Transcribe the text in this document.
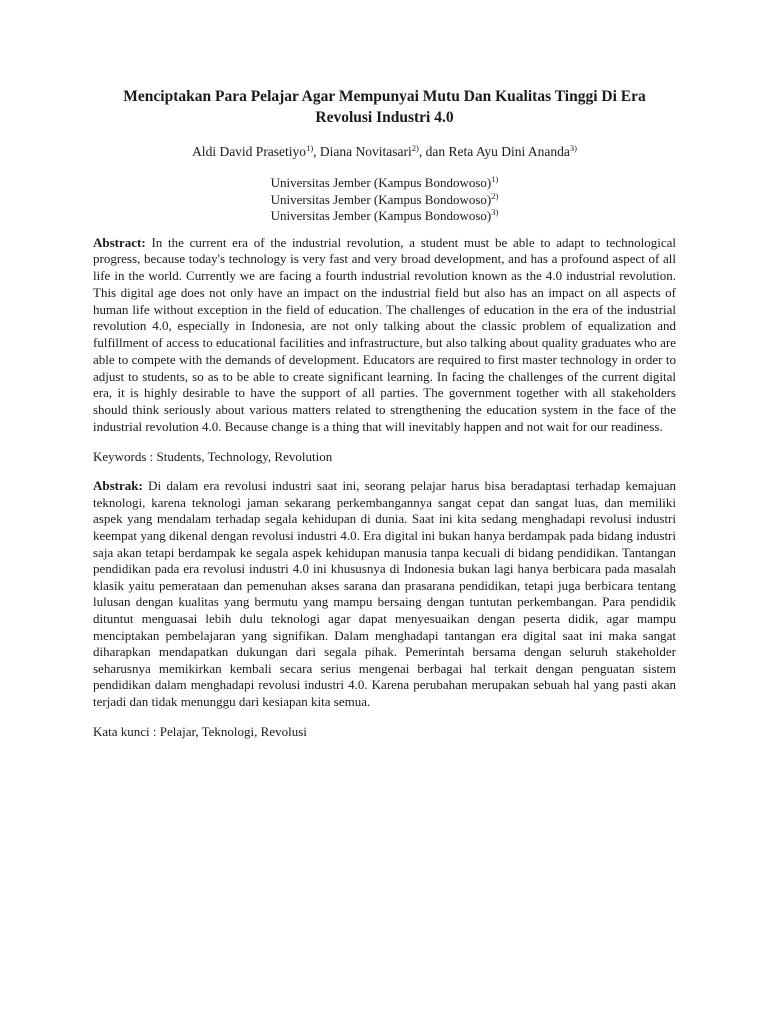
Menciptakan Para Pelajar Agar Mempunyai Mutu Dan Kualitas Tinggi Di Era Revolusi Industri 4.0
Aldi David Prasetiyo$^{1)}$, Diana Novitasari$^{2)}$, dan Reta Ayu Dini Ananda$^{3)}$
Universitas Jember (Kampus Bondowoso)$^{1)}$
Universitas Jember (Kampus Bondowoso)$^{2)}$
Universitas Jember (Kampus Bondowoso)$^{3)}$

Abstract: In the current era of the industrial revolution, a student must be able to adapt to technological progress, because today's technology is very fast and very broad development, and has a profound aspect of all life in the world. Currently we are facing a fourth industrial revolution known as the 4.0 industrial revolution. This digital age does not only have an impact on the industrial field but also has an impact on all aspects of human life without exception in the field of education. The challenges of education in the era of the industrial revolution 4.0, especially in Indonesia, are not only talking about the classic problem of equalization and fulfillment of access to educational facilities and infrastructure, but also talking about quality graduates who are able to compete with the demands of development. Educators are required to first master technology in order to adjust to students, so as to be able to create significant learning. In facing the challenges of the current digital era, it is highly desirable to have the support of all parties. The government together with all stakeholders should think seriously about various matters related to strengthening the education system in the face of the industrial revolution 4.0. Because change is a thing that will inevitably happen and not wait for our readiness.

Keywords : Students, Technology, Revolution

Abstrak: Di dalam era revolusi industri saat ini, seorang pelajar harus bisa beradaptasi terhadap kemajuan teknologi, karena teknologi jaman sekarang perkembangannya sangat cepat dan sangat luas, dan memiliki aspek yang mendalam terhadap segala kehidupan di dunia. Saat ini kita sedang menghadapi revolusi industri keempat yang dikenal dengan revolusi industri 4.0. Era digital ini bukan hanya berdampak pada bidang industri saja akan tetapi berdampak ke segala aspek kehidupan manusia tanpa kecuali di bidang pendidikan. Tantangan pendidikan pada era revolusi industri 4.0 ini khususnya di Indonesia bukan lagi hanya berbicara pada masalah klasik yaitu pemerataan dan pemenuhan akses sarana dan prasarana pendidikan, tetapi juga berbicara tentang lulusan dengan kualitas yang bermutu yang mampu bersaing dengan tuntutan perkembangan. Para pendidik dituntut menguasai lebih dulu teknologi agar dapat menyesuaikan dengan peserta didik, agar mampu menciptakan pembelajaran yang signifikan. Dalam menghadapi tantangan era digital saat ini maka sangat diharapkan mendapatkan dukungan dari segala pihak. Pemerintah bersama dengan seluruh stakeholder seharusnya memikirkan kembali secara serius mengenai berbagai hal terkait dengan penguatan sistem pendidikan dalam menghadapi revolusi industri 4.0. Karena perubahan merupakan sebuah hal yang pasti akan terjadi dan tidak menunggu dari kesiapan kita semua.

Kata kunci : Pelajar, Teknologi, Revolusi
